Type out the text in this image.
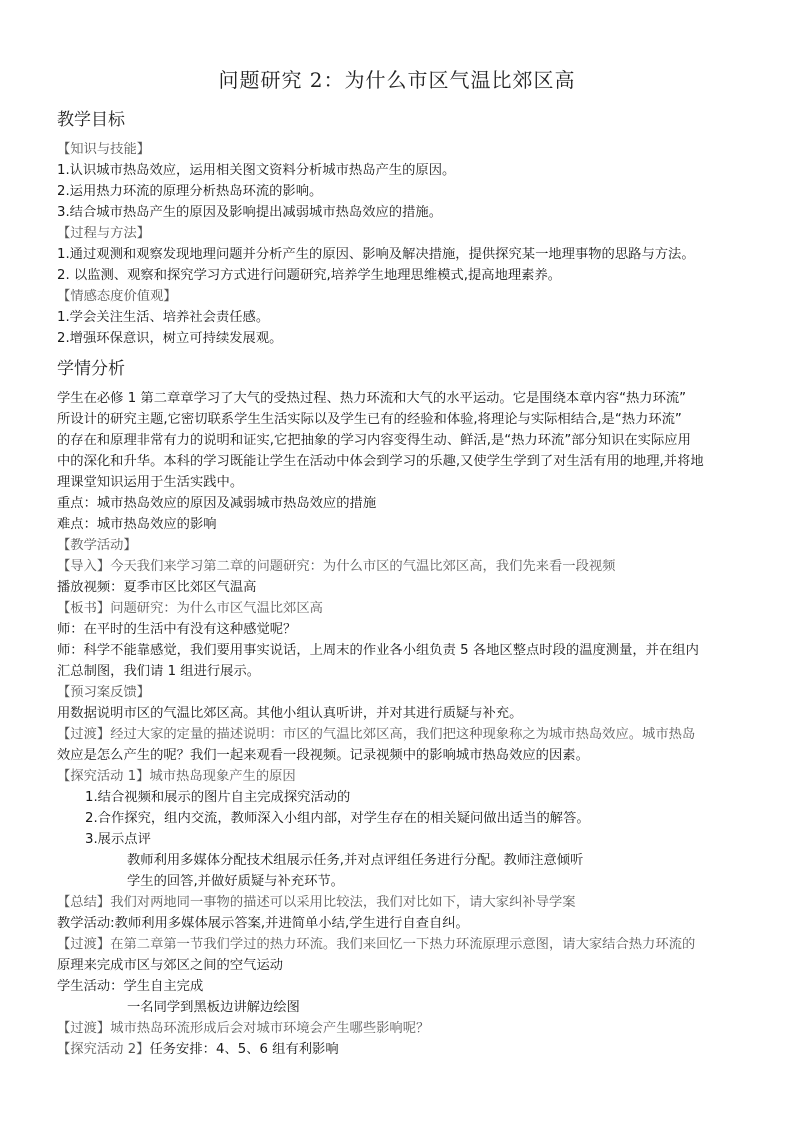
问题研究 2：为什么市区气温比郊区高
教学目标
【知识与技能】
1.认识城市热岛效应，运用相关图文资料分析城市热岛产生的原因。
2.运用热力环流的原理分析热岛环流的影响。
3.结合城市热岛产生的原因及影响提出减弱城市热岛效应的措施。
【过程与方法】
1.通过观测和观察发现地理问题并分析产生的原因、影响及解决措施，提供探究某一地理事物的思路与方法。
2. 以监测、观察和探究学习方式进行问题研究,培养学生地理思维模式,提高地理素养。
【情感态度价值观】
1.学会关注生活、培养社会责任感。
2.增强环保意识，树立可持续发展观。
学情分析
学生在必修 1 第二章章学习了大气的受热过程、热力环流和大气的水平运动。它是围绕本章内容“热力环流”
所设计的研究主题,它密切联系学生生活实际以及学生已有的经验和体验,将理论与实际相结合,是“热力环流”
的存在和原理非常有力的说明和证实,它把抽象的学习内容变得生动、鲜活,是“热力环流”部分知识在实际应用
中的深化和升华。本科的学习既能让学生在活动中体会到学习的乐趣,又使学生学到了对生活有用的地理,并将地
理课堂知识运用于生活实践中。
重点：城市热岛效应的原因及减弱城市热岛效应的措施
难点：城市热岛效应的影响
【教学活动】
【导入】今天我们来学习第二章的问题研究：为什么市区的气温比郊区高，我们先来看一段视频
播放视频：夏季市区比郊区气温高
【板书】问题研究：为什么市区气温比郊区高
师：在平时的生活中有没有这种感觉呢？
师：科学不能靠感觉，我们要用事实说话，上周末的作业各小组负责 5 各地区整点时段的温度测量，并在组内
汇总制图，我们请 1 组进行展示。
【预习案反馈】
用数据说明市区的气温比郊区高。其他小组认真听讲，并对其进行质疑与补充。
【过渡】经过大家的定量的描述说明：市区的气温比郊区高，我们把这种现象称之为城市热岛效应。城市热岛
效应是怎么产生的呢？我们一起来观看一段视频。记录视频中的影响城市热岛效应的因素。
【探究活动 1】城市热岛现象产生的原因
1.结合视频和展示的图片自主完成探究活动的
2.合作探究，组内交流，教师深入小组内部，对学生存在的相关疑问做出适当的解答。
3.展示点评
教师利用多媒体分配技术组展示任务,并对点评组任务进行分配。教师注意倾听
学生的回答,并做好质疑与补充环节。
【总结】我们对两地同一事物的描述可以采用比较法，我们对比如下，请大家纠补导学案
教学活动:教师利用多媒体展示答案,并进简单小结,学生进行自查自纠。
【过渡】在第二章第一节我们学过的热力环流。我们来回忆一下热力环流原理示意图，请大家结合热力环流的
原理来完成市区与郊区之间的空气运动
学生活动：学生自主完成
一名同学到黑板边讲解边绘图
【过渡】城市热岛环流形成后会对城市环境会产生哪些影响呢？
【探究活动 2】任务安排：4、5、6 组有利影响
